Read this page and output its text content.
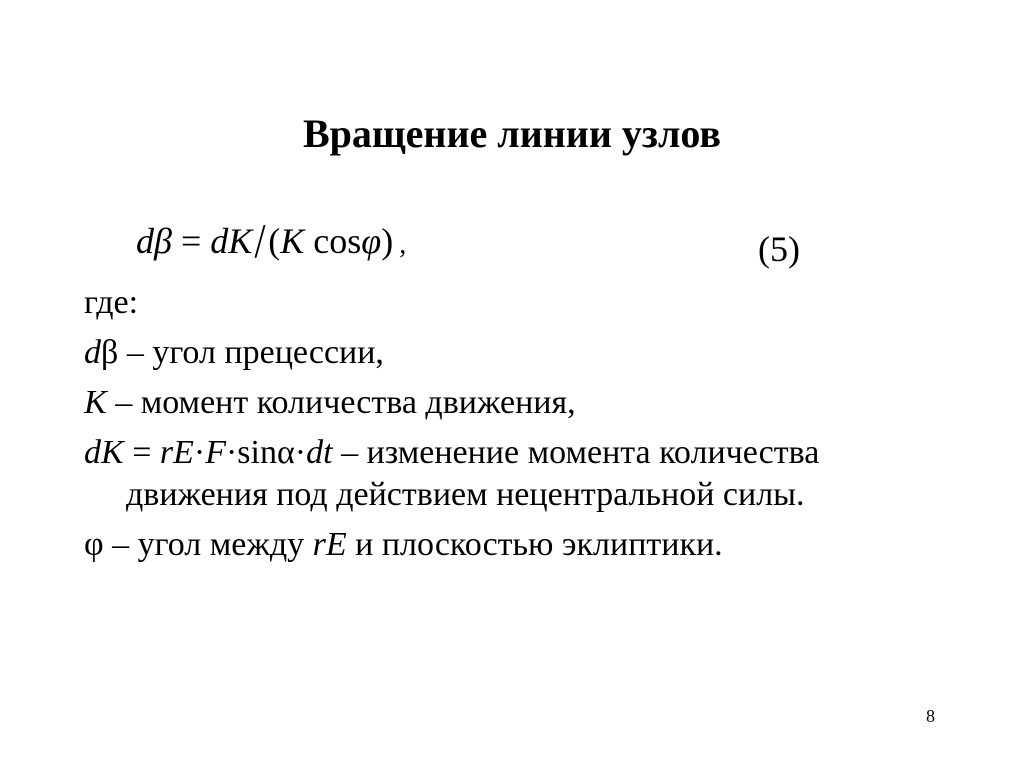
Вращение линии узлов
dβ = dK/(K cosφ) ,	(5)

где:

dβ – угол прецессии,

K – момент количества движения,

dK = rE·F·sinα·dt – изменение момента количества движения под действием нецентральной силы.

φ – угол между rE и плоскостью эклиптики.

8
